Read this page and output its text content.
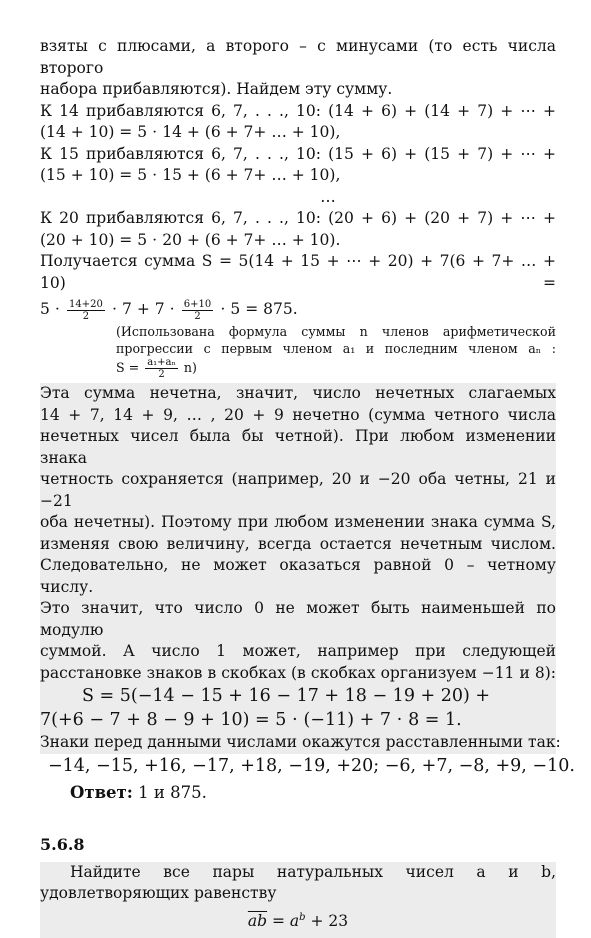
взяты с плюсами, а второго – с минусами (то есть числа второго
набора прибавляются). Найдем эту сумму.
К 14 прибавляются 6, 7, . . ., 10: (14 + 6) + (14 + 7) + ⋯ +
(14 + 10) = 5 ⋅ 14 + (6 + 7+ … + 10),
К 15 прибавляются 6, 7, . . ., 10: (15 + 6) + (15 + 7) + ⋯ +
(15 + 10) = 5 ⋅ 15 + (6 + 7+ … + 10),
…
К 20 прибавляются 6, 7, . . ., 10: (20 + 6) + (20 + 7) + ⋯ +
(20 + 10) = 5 ⋅ 20 + (6 + 7+ … + 10).
Получается сумма S = 5(14 + 15 + ⋯ + 20) + 7(6 + 7+ … + 10) =
$5 \cdot \frac{14+20}{2} \cdot 7 + 7 \cdot \frac{6+10}{2} \cdot 5 = 875$.
(Использована формула суммы n членов арифметической
прогрессии с первым членом a₁ и последним членом aₙ :
$S = \frac{\text{a₁+aₙ}}{2} n$)
Эта сумма нечетна, значит, число нечетных слагаемых
14 + 7, 14 + 9, … , 20 + 9 нечетно (сумма четного числа
нечетных чисел была бы четной). При любом изменении знака
четность сохраняется (например, 20 и −20 оба четны, 21 и −21
оба нечетны). Поэтому при любом изменении знака сумма S,
изменяя свою величину, всегда остается нечетным числом.
Следовательно, не может оказаться равной 0 – четному числу.
Это значит, что число 0 не может быть наименьшей по модулю
суммой. А число 1 может, например при следующей
расстановке знаков в скобках (в скобках организуем −11 и 8):
S = 5(−14 − 15 + 16 − 17 + 18 − 19 + 20) +
7(+6 − 7 + 8 − 9 + 10) = 5 ⋅ (−11) + 7 ⋅ 8 = 1.
Знаки перед данными числами окажутся расставленными так:
−14, −15, +16, −17, +18, −19, +20; −6, +7, −8, +9, −10.
Ответ: 1 и 875.
5.6.8
Найдите все пары натуральных чисел a и b,
удовлетворяющих равенству
$\overline{ab} = a^b + 23$
